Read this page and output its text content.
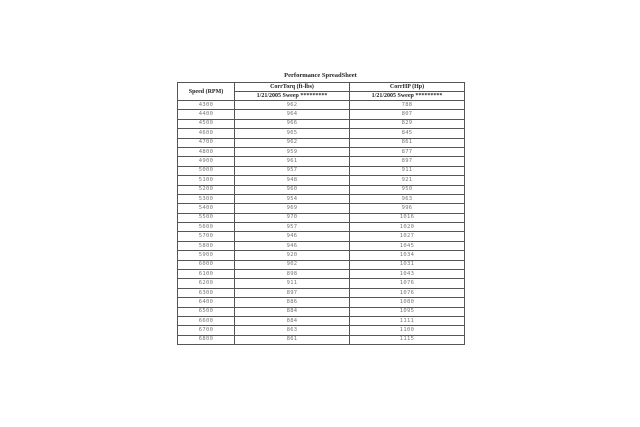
Performance SpreadSheet
Speed (RPM)	CorrTorq (ft-lbs)	CorrHP (Hp)
	1/21/2005 Sweep *********	1/21/2005 Sweep *********
4300	962	788
4400	964	807
4500	966	829
4600	965	845
4700	962	861
4800	959	877
4900	961	897
5000	957	911
5100	948	921
5200	960	950
5300	954	963
5400	969	996
5500	970	1016
5600	957	1020
5700	946	1027
5800	946	1045
5900	920	1034
6000	902	1031
6100	898	1043
6200	911	1076
6300	897	1076
6400	886	1080
6500	884	1095
6600	884	1111
6700	863	1100
6800	861	1115
